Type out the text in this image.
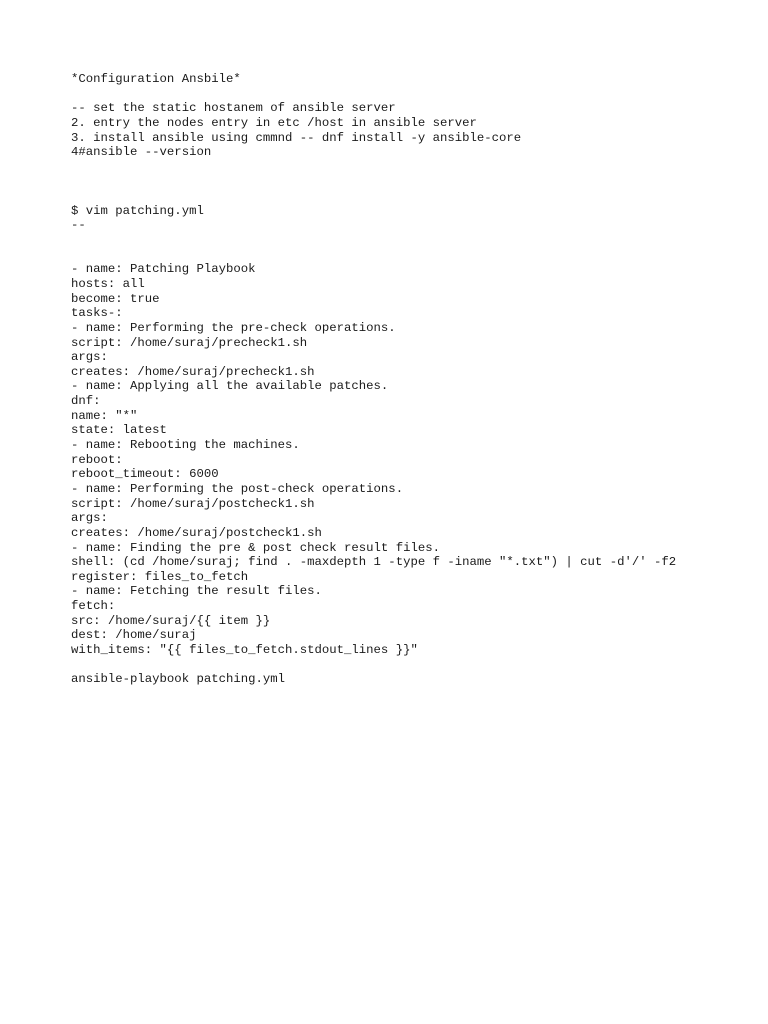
*Configuration Ansbile*
-- set the static hostanem of ansible server
2. entry the nodes entry in etc /host in ansible server
3. install ansible using cmmnd -- dnf install -y ansible-core
4#ansible --version
$ vim patching.yml
--
- name: Patching Playbook
hosts: all
become: true
tasks-:
- name: Performing the pre-check operations.
script: /home/suraj/precheck1.sh
args:
creates: /home/suraj/precheck1.sh
- name: Applying all the available patches.
dnf:
name: "*"
state: latest
- name: Rebooting the machines.
reboot:
reboot_timeout: 6000
- name: Performing the post-check operations.
script: /home/suraj/postcheck1.sh
args:
creates: /home/suraj/postcheck1.sh
- name: Finding the pre & post check result files.
shell: (cd /home/suraj; find . -maxdepth 1 -type f -iname "*.txt") | cut -d'/' -f2
register: files_to_fetch
- name: Fetching the result files.
fetch:
src: /home/suraj/{{ item }}
dest: /home/suraj
with_items: "{{ files_to_fetch.stdout_lines }}"
ansible-playbook patching.yml
